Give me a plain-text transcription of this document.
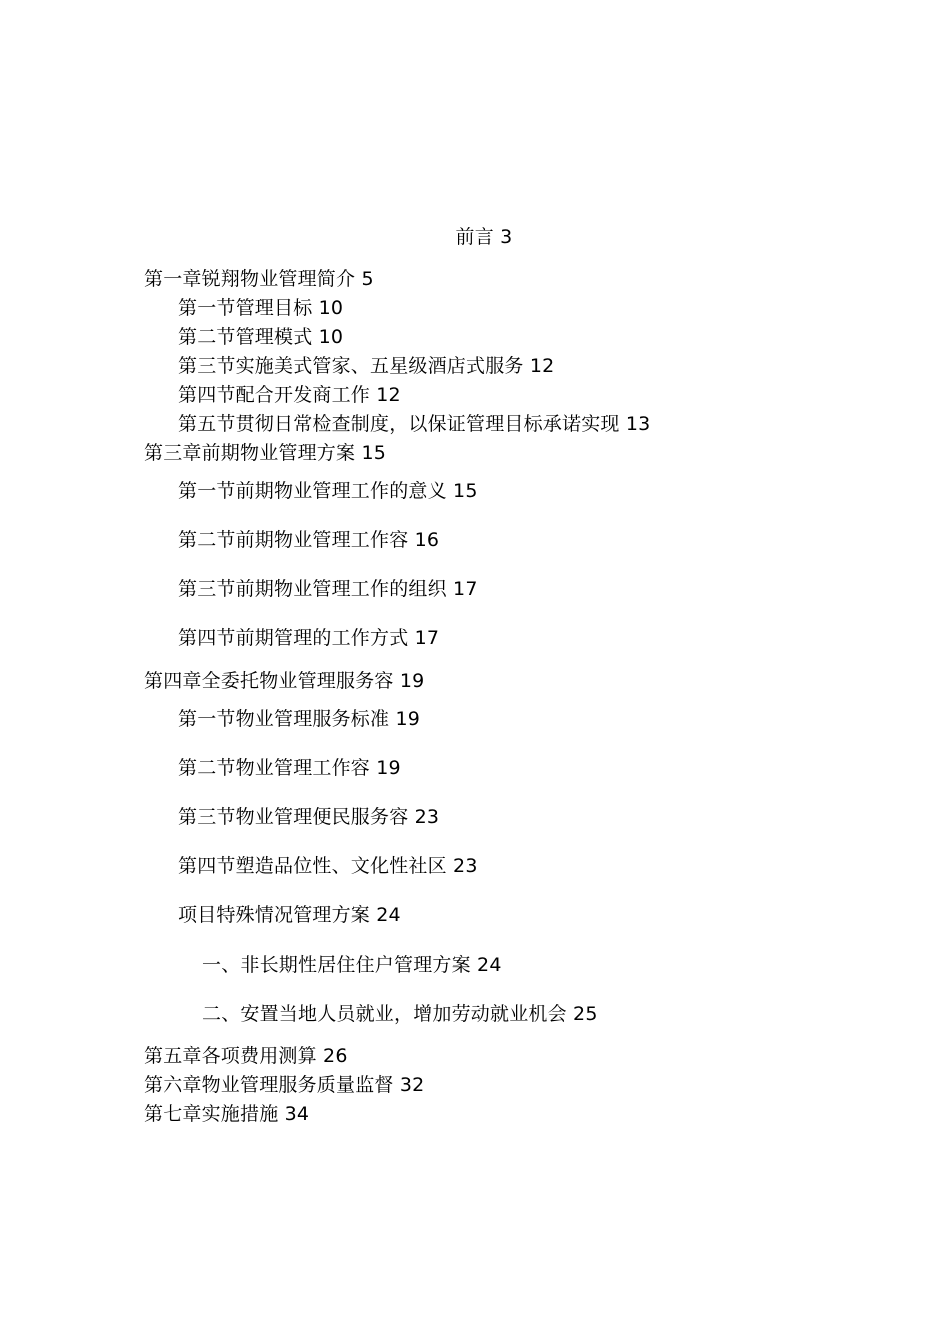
前言 3
第一章锐翔物业管理简介 5
第一节管理目标 10
第二节管理模式 10
第三节实施美式管家、五星级酒店式服务 12
第四节配合开发商工作 12
第五节贯彻日常检查制度，以保证管理目标承诺实现 13
第三章前期物业管理方案 15
第一节前期物业管理工作的意义 15
第二节前期物业管理工作容 16
第三节前期物业管理工作的组织 17
第四节前期管理的工作方式 17
第四章全委托物业管理服务容 19
第一节物业管理服务标准 19
第二节物业管理工作容 19
第三节物业管理便民服务容 23
第四节塑造品位性、文化性社区 23
项目特殊情况管理方案 24
一、非长期性居住住户管理方案 24
二、安置当地人员就业，增加劳动就业机会 25
第五章各项费用测算 26
第六章物业管理服务质量监督 32
第七章实施措施 34
